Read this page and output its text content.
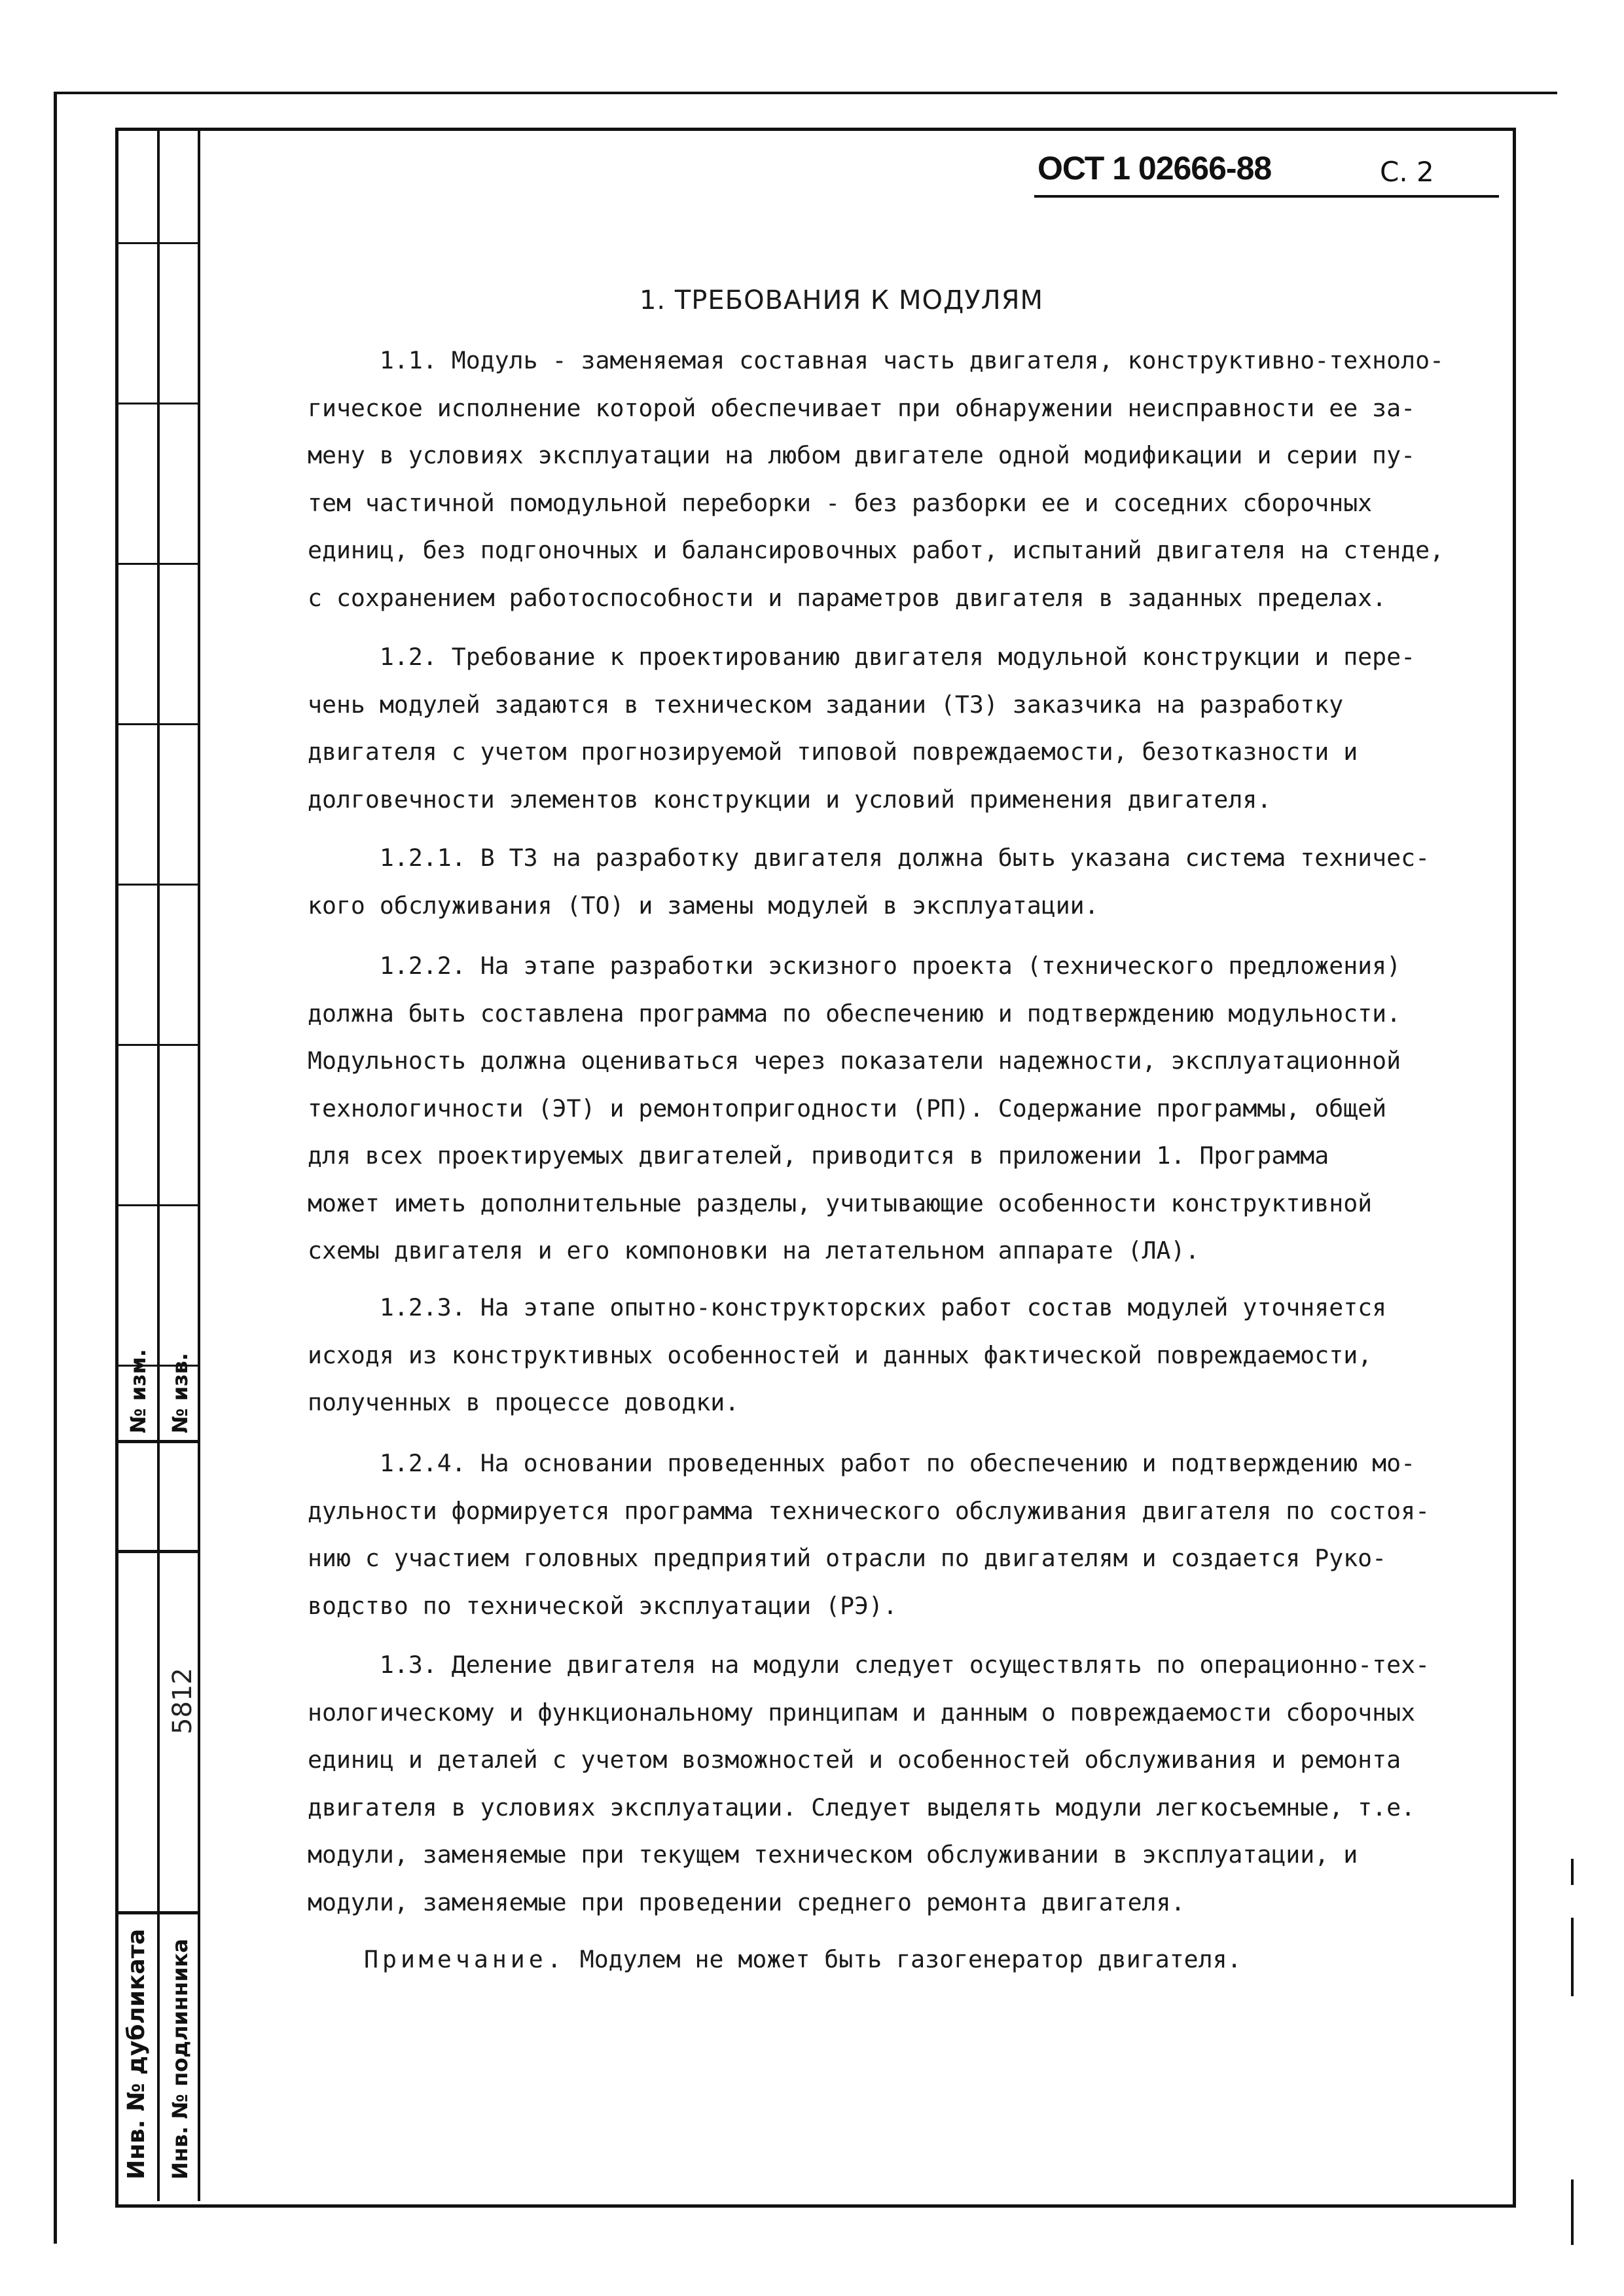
№ изм. № изв.
5812
Инв. № дубликата Инв. № подлинника
ОСТ 1 02666-88	С. 2
1. ТРЕБОВАНИЯ К МОДУЛЯМ
1.1. Модуль - заменяемая составная часть двигателя, конструктивно-техноло-
гическое исполнение которой обеспечивает при обнаружении неисправности ее за-
мену в условиях эксплуатации на любом двигателе одной модификации и серии пу-
тем частичной помодульной переборки - без разборки ее и соседних сборочных
единиц, без подгоночных и балансировочных работ, испытаний двигателя на стенде,
с сохранением работоспособности и параметров двигателя в заданных пределах.
1.2. Требование к проектированию двигателя модульной конструкции и пере-
чень модулей задаются в техническом задании (ТЗ) заказчика на разработку
двигателя с учетом прогнозируемой типовой повреждаемости, безотказности и
долговечности элементов конструкции и условий применения двигателя.
1.2.1. В ТЗ на разработку двигателя должна быть указана система техничес-
кого обслуживания (ТО) и замены модулей в эксплуатации.
1.2.2. На этапе разработки эскизного проекта (технического предложения)
должна быть составлена программа по обеспечению и подтверждению модульности.
Модульность должна оцениваться через показатели надежности, эксплуатационной
технологичности (ЭТ) и ремонтопригодности (РП). Содержание программы, общей
для всех проектируемых двигателей, приводится в приложении 1. Программа
может иметь дополнительные разделы, учитывающие особенности конструктивной
схемы двигателя и его компоновки на летательном аппарате (ЛА).
1.2.3. На этапе опытно-конструкторских работ состав модулей уточняется
исходя из конструктивных особенностей и данных фактической повреждаемости,
полученных в процессе доводки.
1.2.4. На основании проведенных работ по обеспечению и подтверждению мо-
дульности формируется программа технического обслуживания двигателя по состоя-
нию с участием головных предприятий отрасли по двигателям и создается Руко-
водство по технической эксплуатации (РЭ).
1.3. Деление двигателя на модули следует осуществлять по операционно-тех-
нологическому и функциональному принципам и данным о повреждаемости сборочных
единиц и деталей с учетом возможностей и особенностей обслуживания и ремонта
двигателя в условиях эксплуатации. Следует выделять модули легкосъемные, т.е.
модули, заменяемые при текущем техническом обслуживании в эксплуатации, и
модули, заменяемые при проведении среднего ремонта двигателя.
Примечание. Модулем не может быть газогенератор двигателя.
